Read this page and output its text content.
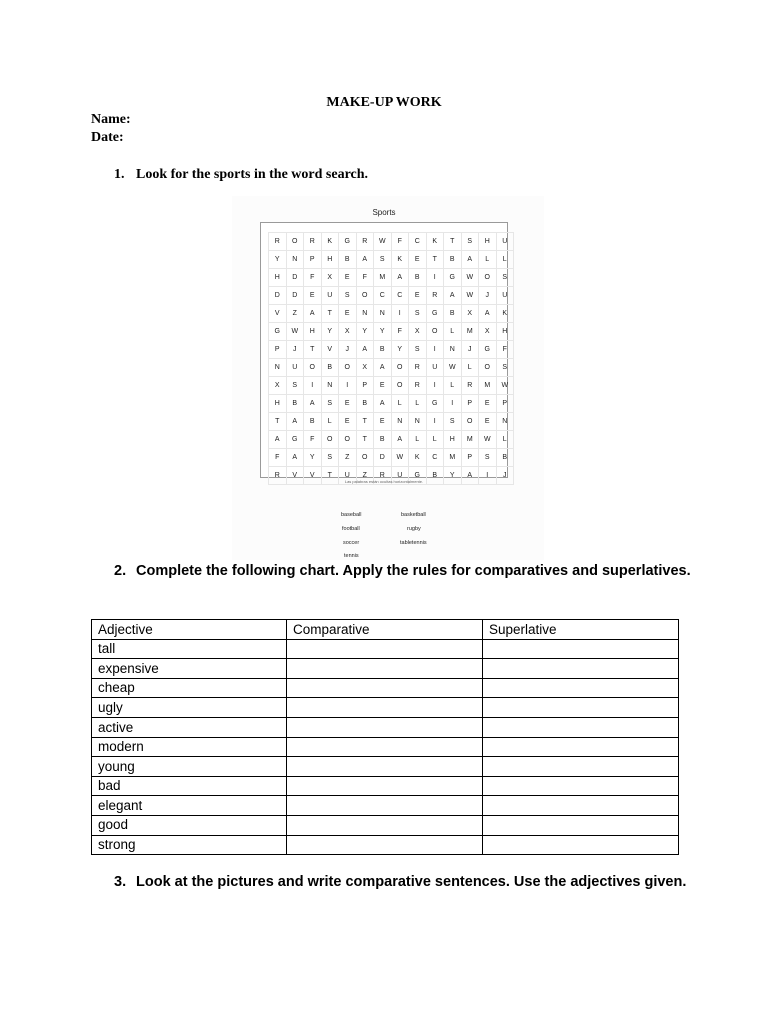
MAKE-UP WORK
Name:
Date:
1. Look for the sports in the word search.
Sports
R	O	R	K	G	R	W	F	C	K	T	S	H	U
Y	N	P	H	B	A	S	K	E	T	B	A	L	L
H	D	F	X	E	F	M	A	B	I	G	W	O	S
D	D	E	U	S	O	C	C	E	R	A	W	J	U
V	Z	A	T	E	N	N	I	S	G	B	X	A	K
G	W	H	Y	X	Y	Y	F	X	O	L	M	X	H
P	J	T	V	J	A	B	Y	S	I	N	J	G	F
N	U	O	B	O	X	A	O	R	U	W	L	O	S
X	S	I	N	I	P	E	O	R	I	L	R	M	W
H	B	A	S	E	B	A	L	L	G	I	P	E	P
T	A	B	L	E	T	E	N	N	I	S	O	E	N
A	G	F	O	O	T	B	A	L	L	H	M	W	L
F	A	Y	S	Z	O	D	W	K	C	M	P	S	B
R	V	V	T	U	Z	R	U	G	B	Y	A	I	J
Las palabras están ocultas horizontalmente.
baseball	basketball
football	rugby
soccer	tabletennis
tennis
2. Complete the following chart. Apply the rules for comparatives and superlatives.
Adjective	Comparative	Superlative
tall		
expensive		
cheap		
ugly		
active		
modern		
young		
bad		
elegant		
good		
strong		
3. Look at the pictures and write comparative sentences. Use the adjectives given.
